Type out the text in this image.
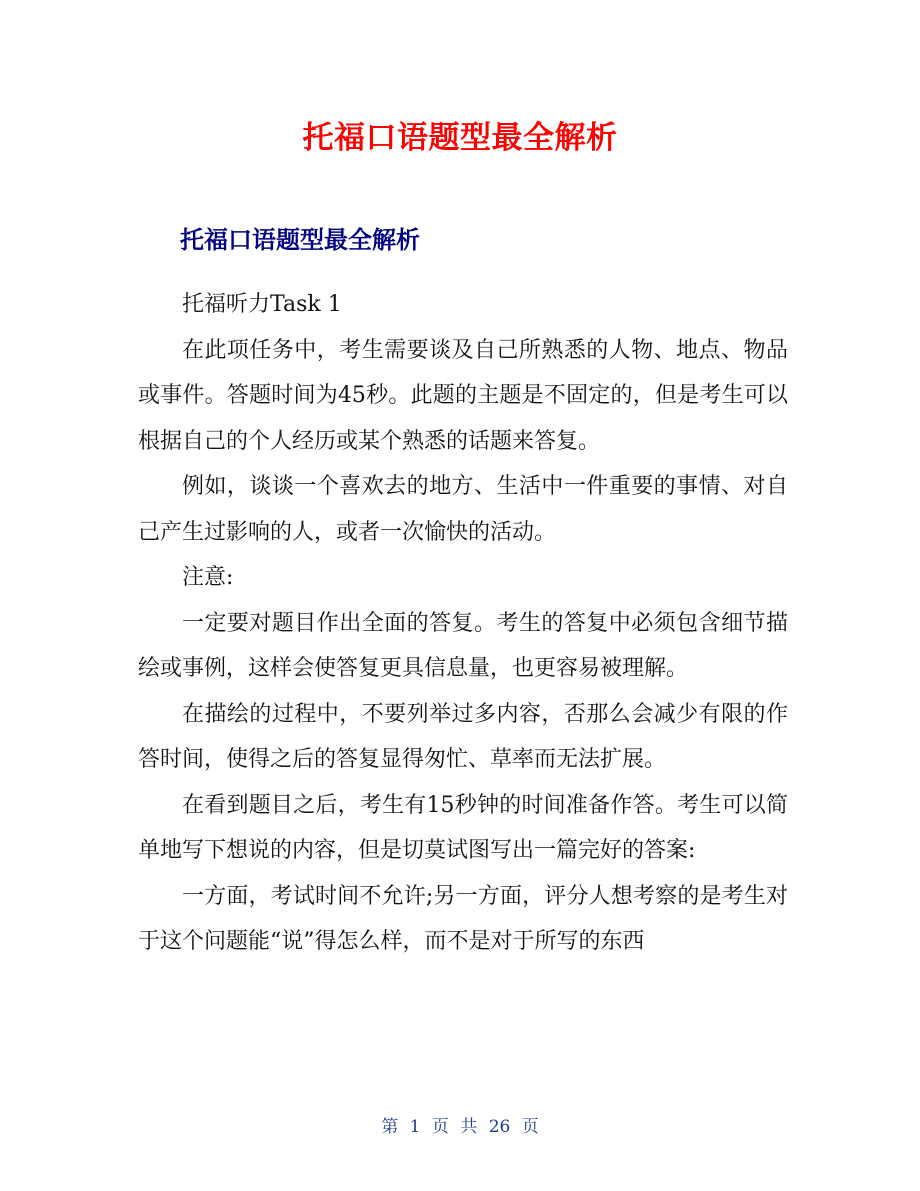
托福口语题型最全解析
托福口语题型最全解析

托福听力Task 1

在此项任务中，考生需要谈及自己所熟悉的人物、地点、物品或事件。答题时间为45秒。此题的主题是不固定的，但是考生可以根据自己的个人经历或某个熟悉的话题来答复。

例如，谈谈一个喜欢去的地方、生活中一件重要的事情、对自己产生过影响的人，或者一次愉快的活动。

注意:

一定要对题目作出全面的答复。考生的答复中必须包含细节描绘或事例，这样会使答复更具信息量，也更容易被理解。

在描绘的过程中，不要列举过多内容，否那么会减少有限的作答时间，使得之后的答复显得匆忙、草率而无法扩展。

在看到题目之后，考生有15秒钟的时间准备作答。考生可以简单地写下想说的内容，但是切莫试图写出一篇完好的答案:

一方面，考试时间不允许;另一方面，评分人想考察的是考生对于这个问题能“说”得怎么样，而不是对于所写的东西

第 1 页 共 26 页
